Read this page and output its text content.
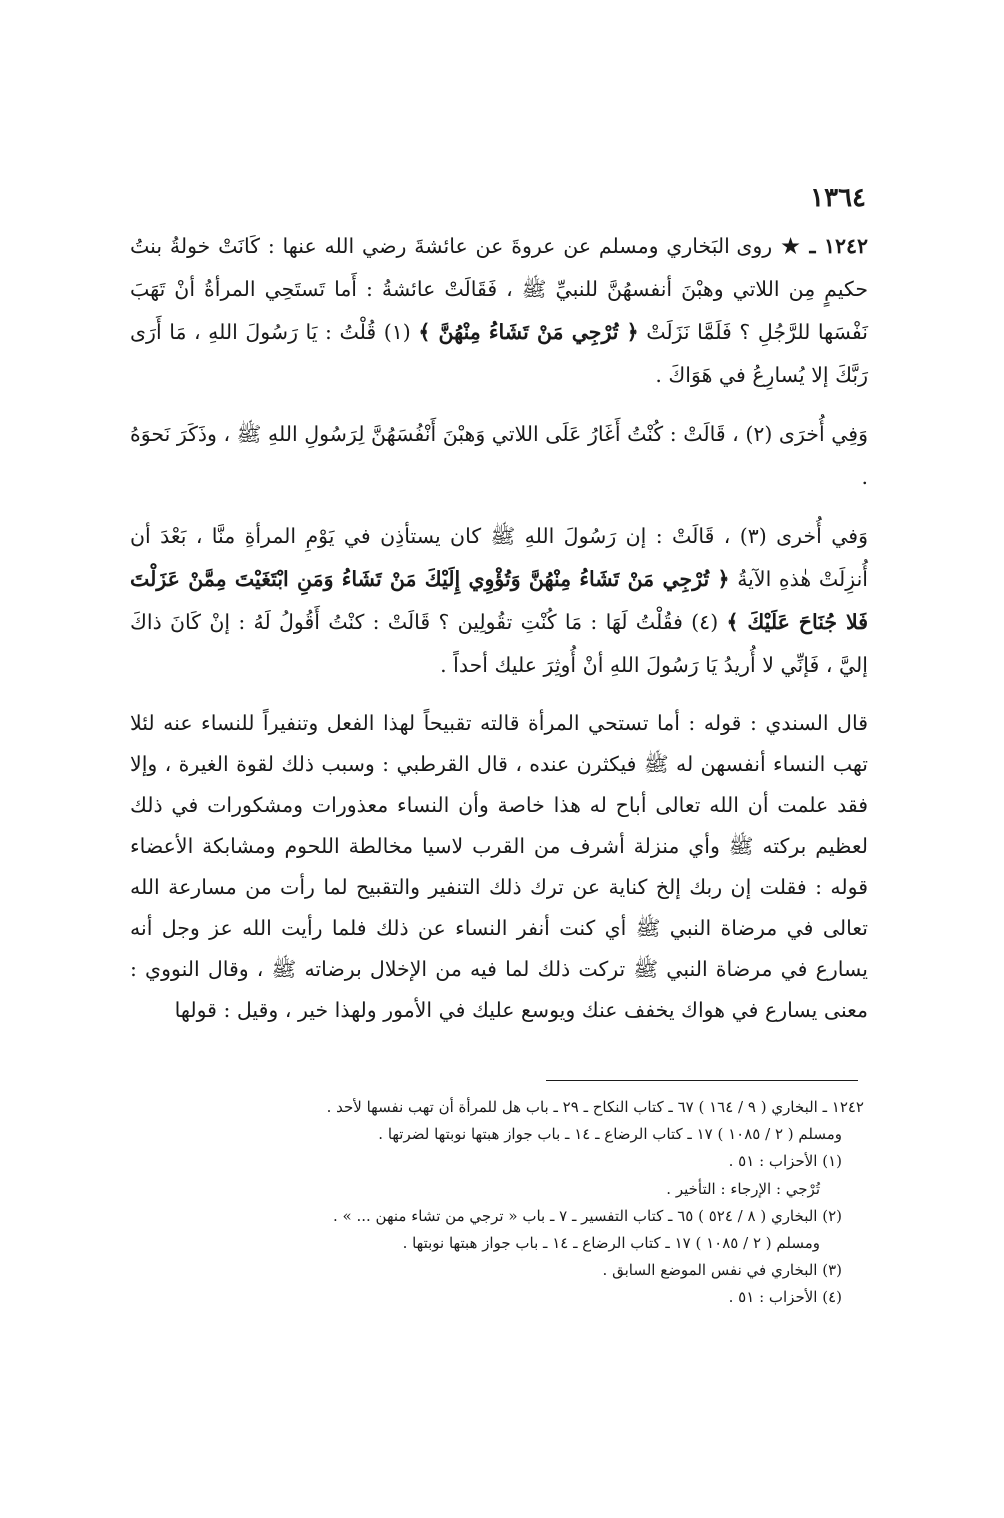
١٣٦٤

١٢٤٢ ـ ★ روى البَخاري ومسلم عن عروةَ عن عائشةَ رضي الله عنها : كَانَتْ خولةُ بنتُ حكيمٍ مِن اللاتي وهبْنَ أنفسهُنَّ للنبيِّ ﷺ ، فَقَالَتْ عائشةُ : أَما تَستَحِي المرأةُ أنْ تَهَبَ نَفْسَها للرَّجُلِ ؟ فَلَمَّا نَزَلَتْ ﴿ تُرْجِي مَنْ تَشَاءُ مِنْهُنَّ ﴾ (١) قُلْتُ : يَا رَسُولَ اللهِ ، مَا أَرَى رَبَّكَ إلا يُسارِعُ في هَوَاكَ .

وَفِي أُخرَى (٢) ، قَالَتْ : كُنْتُ أَغَارُ عَلَى اللاتي وَهبْنَ أَنْفُسَهُنَّ لِرَسُولِ اللهِ ﷺ ، وذَكَرَ نَحوَهُ .

وَفي أُخرى (٣) ، قَالَتْ : إن رَسُولَ اللهِ ﷺ كان يستأذِن في يَوْمِ المرأةِ منَّا ، بَعْدَ أن أُنزِلَتْ هٰذهِ الآيةُ ﴿ تُرْجِي مَنْ تَشَاءُ مِنْهُنَّ وَتُؤْوِي إِلَيْكَ مَنْ تَشَاءُ وَمَنِ ابْتَغَيْتَ مِمَّنْ عَزَلْتَ فَلا جُنَاحَ عَلَيْكَ ﴾ (٤) فقُلْتُ لَهَا : مَا كُنْتِ تقُولِين ؟ قَالَتْ : كنْتُ أَقُولُ لَهُ : إنْ كَانَ ذاكَ إليَّ ، فَإنِّي لا أُريدُ يَا رَسُولَ اللهِ أنْ أُوثِرَ عليك أحداً .

قال السندي : قوله : أما تستحي المرأة قالته تقبيحاً لهذا الفعل وتنفيراً للنساء عنه لئلا تهب النساء أنفسهن له ﷺ فيكثرن عنده ، قال القرطبي : وسبب ذلك لقوة الغيرة ، وإلا فقد علمت أن الله تعالى أباح له هذا خاصة وأن النساء معذورات ومشكورات في ذلك لعظيم بركته ﷺ وأي منزلة أشرف من القرب لاسيا مخالطة اللحوم ومشابكة الأعضاء قوله : فقلت إن ربك إلخ كناية عن ترك ذلك التنفير والتقبيح لما رأت من مسارعة الله تعالى في مرضاة النبي ﷺ أي كنت أنفر النساء عن ذلك فلما رأيت الله عز وجل أنه يسارع في مرضاة النبي ﷺ تركت ذلك لما فيه من الإخلال برضاته ﷺ ، وقال النووي : معنى يسارع في هواك يخفف عنك ويوسع عليك في الأمور ولهذا خير ، وقيل : قولها

١٢٤٢ ـ البخاري ( ٩ / ١٦٤ ) ٦٧ ـ كتاب النكاح ـ ٢٩ ـ باب هل للمرأة أن تهب نفسها لأحد .
ومسلم ( ٢ / ١٠٨٥ ) ١٧ ـ كتاب الرضاع ـ ١٤ ـ باب جواز هبتها نوبتها لضرتها .
(١) الأحزاب : ٥١ .
تُرْجي : الإرجاء : التأخير .
(٢) البخاري ( ٨ / ٥٢٤ ) ٦٥ ـ كتاب التفسير ـ ٧ ـ باب « ترجي من تشاء منهن ... » .
ومسلم ( ٢ / ١٠٨٥ ) ١٧ ـ كتاب الرضاع ـ ١٤ ـ باب جواز هبتها نوبتها .
(٣) البخاري في نفس الموضع السابق .
(٤) الأحزاب : ٥١ .
